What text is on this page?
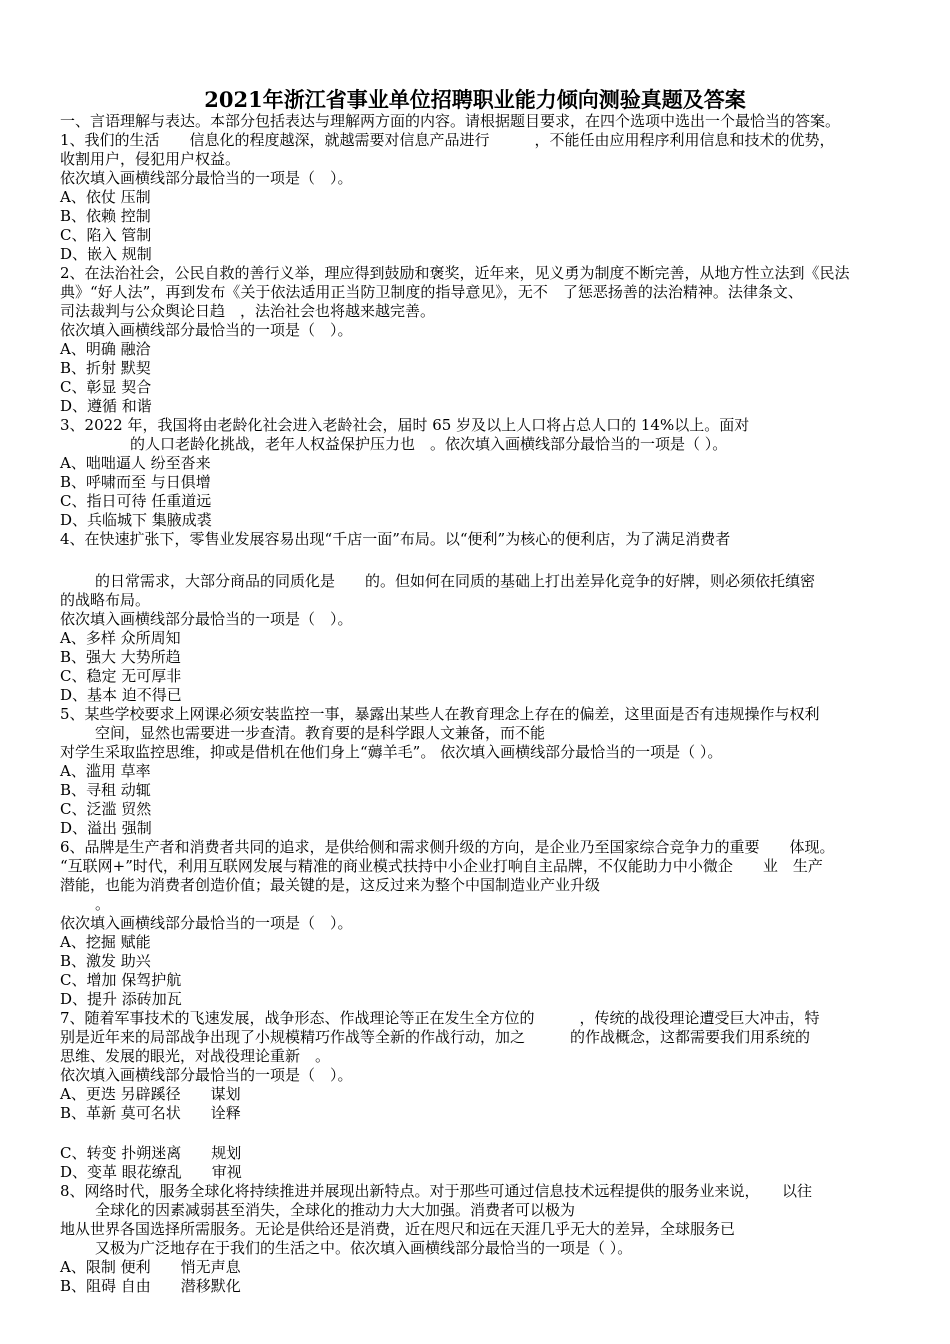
2021年浙江省事业单位招聘职业能力倾向测验真题及答案
一、言语理解与表达。本部分包括表达与理解两方面的内容。请根据题目要求，在四个选项中选出一个最恰当的答案。
1、我们的生活　　信息化的程度越深，就越需要对信息产品进行　　　，不能任由应用程序利用信息和技术的优势，
收割用户，侵犯用户权益。
依次填入画横线部分最恰当的一项是（　）。
A、依仗 压制
B、依赖 控制
C、陷入 管制
D、嵌入 规制
2、在法治社会，公民自救的善行义举，理应得到鼓励和褒奖，近年来，见义勇为制度不断完善，从地方性立法到《民法
典》“好人法”，再到发布《关于依法适用正当防卫制度的指导意见》，无不　了惩恶扬善的法治精神。法律条文、
司法裁判与公众舆论日趋　，法治社会也将越来越完善。
依次填入画横线部分最恰当的一项是（　）。
A、明确 融洽
B、折射 默契
C、彰显 契合
D、遵循 和谐
3、2022 年，我国将由老龄化社会进入老龄社会，届时 65 岁及以上人口将占总人口的 14%以上。面对
的人口老龄化挑战，老年人权益保护压力也　。依次填入画横线部分最恰当的一项是（ ）。
A、咄咄逼人 纷至沓来
B、呼啸而至 与日俱增
C、指日可待 任重道远
D、兵临城下 集腋成裘
4、在快速扩张下，零售业发展容易出现“千店一面”布局。以“便利”为核心的便利店，为了满足消费者
的日常需求，大部分商品的同质化是　　的。但如何在同质的基础上打出差异化竞争的好牌，则必须依托缜密
的战略布局。
依次填入画横线部分最恰当的一项是（　）。
A、多样 众所周知
B、强大 大势所趋
C、稳定 无可厚非
D、基本 迫不得已
5、某些学校要求上网课必须安装监控一事，暴露出某些人在教育理念上存在的偏差，这里面是否有违规操作与权利
空间，显然也需要进一步查清。教育要的是科学跟人文兼备，而不能
对学生采取监控思维，抑或是借机在他们身上“薅羊毛”。 依次填入画横线部分最恰当的一项是（ ）。
A、滥用 草率
B、寻租 动辄
C、泛滥 贸然
D、溢出 强制
6、品牌是生产者和消费者共同的追求，是供给侧和需求侧升级的方向，是企业乃至国家综合竞争力的重要　　体现。
“互联网+”时代，利用互联网发展与精准的商业模式扶持中小企业打响自主品牌，不仅能助力中小微企　　业　生产
潜能，也能为消费者创造价值；最关键的是，这反过来为整个中国制造业产业升级
。
依次填入画横线部分最恰当的一项是（　）。
A、挖掘 赋能
B、激发 助兴
C、增加 保驾护航
D、提升 添砖加瓦
7、随着军事技术的飞速发展，战争形态、作战理论等正在发生全方位的　　　，传统的战役理论遭受巨大冲击，特
别是近年来的局部战争出现了小规模精巧作战等全新的作战行动，加之　　　的作战概念，这都需要我们用系统的
思维、发展的眼光，对战役理论重新　。
依次填入画横线部分最恰当的一项是（　）。
A、更迭 另辟蹊径　　谋划
B、革新 莫可名状　　诠释
C、转变 扑朔迷离　　规划
D、变革 眼花缭乱　　审视
8、网络时代，服务全球化将持续推进并展现出新特点。对于那些可通过信息技术远程提供的服务业来说，　　以往
全球化的因素减弱甚至消失，全球化的推动力大大加强。消费者可以极为
地从世界各国选择所需服务。无论是供给还是消费，近在咫尺和远在天涯几乎无大的差异，全球服务已
又极为广泛地存在于我们的生活之中。依次填入画横线部分最恰当的一项是（ ）。
A、限制 便利　　悄无声息
B、阻碍 自由　　潜移默化
